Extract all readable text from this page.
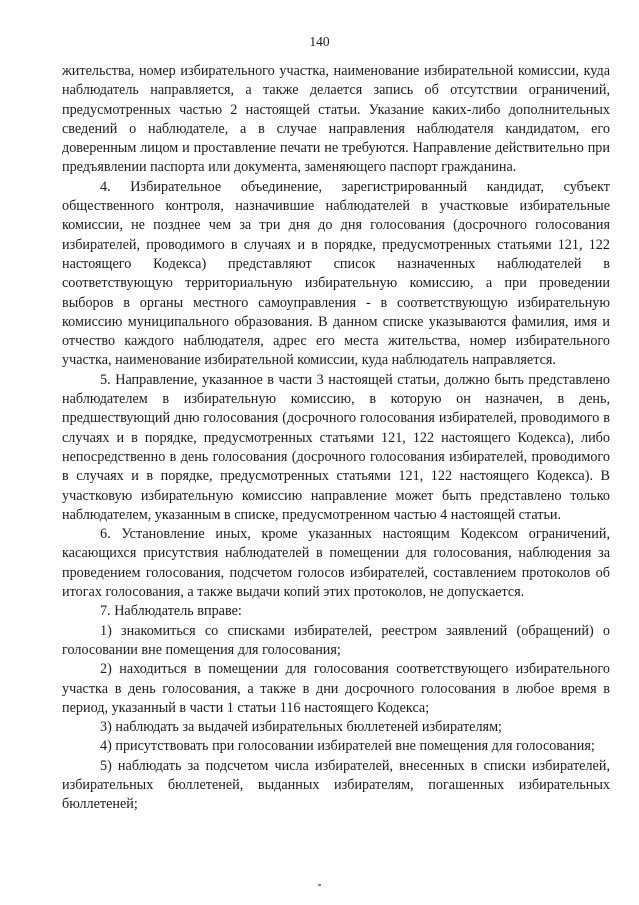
140

жительства, номер избирательного участка, наименование избирательной комиссии, куда наблюдатель направляется, а также делается запись об отсутствии ограничений, предусмотренных частью 2 настоящей статьи. Указание каких-либо дополнительных сведений о наблюдателе, а в случае направления наблюдателя кандидатом, его доверенным лицом и проставление печати не требуются. Направление действительно при предъявлении паспорта или документа, заменяющего паспорт гражданина.

4. Избирательное объединение, зарегистрированный кандидат, субъект общественного контроля, назначившие наблюдателей в участковые избирательные комиссии, не позднее чем за три дня до дня голосования (досрочного голосования избирателей, проводимого в случаях и в порядке, предусмотренных статьями 121, 122 настоящего Кодекса) представляют список назначенных наблюдателей в соответствующую территориальную избирательную комиссию, а при проведении выборов в органы местного самоуправления - в соответствующую избирательную комиссию муниципального образования. В данном списке указываются фамилия, имя и отчество каждого наблюдателя, адрес его места жительства, номер избирательного участка, наименование избирательной комиссии, куда наблюдатель направляется.

5. Направление, указанное в части 3 настоящей статьи, должно быть представлено наблюдателем в избирательную комиссию, в которую он назначен, в день, предшествующий дню голосования (досрочного голосования избирателей, проводимого в случаях и в порядке, предусмотренных статьями 121, 122 настоящего Кодекса), либо непосредственно в день голосования (досрочного голосования избирателей, проводимого в случаях и в порядке, предусмотренных статьями 121, 122 настоящего Кодекса). В участковую избирательную комиссию направление может быть представлено только наблюдателем, указанным в списке, предусмотренном частью 4 настоящей статьи.

6. Установление иных, кроме указанных настоящим Кодексом ограничений, касающихся присутствия наблюдателей в помещении для голосования, наблюдения за проведением голосования, подсчетом голосов избирателей, составлением протоколов об итогах голосования, а также выдачи копий этих протоколов, не допускается.

7. Наблюдатель вправе:

1) знакомиться со списками избирателей, реестром заявлений (обращений) о голосовании вне помещения для голосования;

2) находиться в помещении для голосования соответствующего избирательного участка в день голосования, а также в дни досрочного голосования в любое время в период, указанный в части 1 статьи 116 настоящего Кодекса;

3) наблюдать за выдачей избирательных бюллетеней избирателям;

4) присутствовать при голосовании избирателей вне помещения для голосования;

5) наблюдать за подсчетом числа избирателей, внесенных в списки избирателей, избирательных бюллетеней, выданных избирателям, погашенных избирательных бюллетеней;
